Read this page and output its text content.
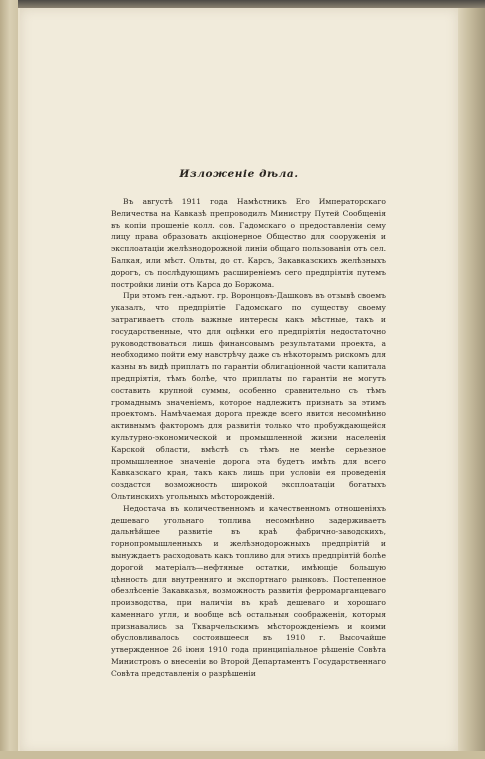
Изложеніе дѣла.

Въ августѣ 1911 года Намѣстникъ Его Императорскаго Величества на Кавказѣ препроводилъ Министру Путей Сообщенія въ копіи прошеніе колл. сов. Гадомскаго о предоставленіи сему лицу права образовать акціонерное Общество для сооруженія и эксплоатаціи желѣзнодорожной линіи общаго пользованія отъ сел. Балкая, или мѣст. Ольты, до ст. Карсъ, Закавказскихъ желѣзныхъ дорогъ, съ послѣдующимъ расширеніемъ сего предпріятія путемъ постройки линіи отъ Карса до Боржома.

При этомъ ген.-адъют. гр. Воронцовъ-Дашковъ въ отзывѣ своемъ указалъ, что предпріятіе Гадомскаго по существу своему затрагиваетъ столь важные интересы какъ мѣстные, такъ и государственные, что для оцѣнки его предпріятія недостаточно руководствоваться лишь финансовымъ результатами проекта, а необходимо пойти ему навстрѣчу даже съ нѣкоторымъ рискомъ для казны въ видѣ приплатъ по гарантіи облигаціонной части капитала предпріятія, тѣмъ болѣе, что приплаты по гарантіи не могутъ составить крупной суммы, особенно сравнительно съ тѣмъ громаднымъ значеніемъ, которое надлежитъ признать за этимъ проектомъ. Намѣчаемая дорога прежде всего явится несомнѣнно активнымъ факторомъ для развитія только что пробуждающейся культурно-экономической и промышленной жизни населенія Карской области, вмѣстѣ съ тѣмъ не менѣе серьезное промышленное значеніе дорога эта будетъ имѣть для всего Кавказскаго края, такъ какъ лишь при условіи ея проведенія создастся возможность широкой эксплоатаціи богатыхъ Ольтинскихъ угольныхъ мѣсторожденій.

Недостача въ количественномъ и качественномъ отношеніяхъ дешеваго угольнаго топлива несомнѣнно задерживаетъ дальнѣйшее развитіе въ краѣ фабрично-заводскихъ, горнопромышленныхъ и желѣзнодорожныхъ предпріятій и вынуждаетъ расходовать какъ топливо для этихъ предпріятій болѣе дорогой матеріалъ—нефтяные остатки, имѣющіе большую цѣнность для внутренняго и экспортнаго рынковъ. Постепенное обезлѣсеніе Закавказья, возможность развитія ферромарганцеваго производства, при наличіи въ краѣ дешеваго и хорошаго каменнаго угля, и вообще всѣ остальныя соображенія, которыя признавались за Ткварчельскимъ мѣсторожденіемъ и коими обусловливалось состоявшееся въ 1910 г. Высочайше утвержденное 26 іюня 1910 года принципіальное рѣшеніе Совѣта Министровъ о внесеніи во Второй Департаментъ Государственнаго Совѣта представленія о разрѣшеніи
